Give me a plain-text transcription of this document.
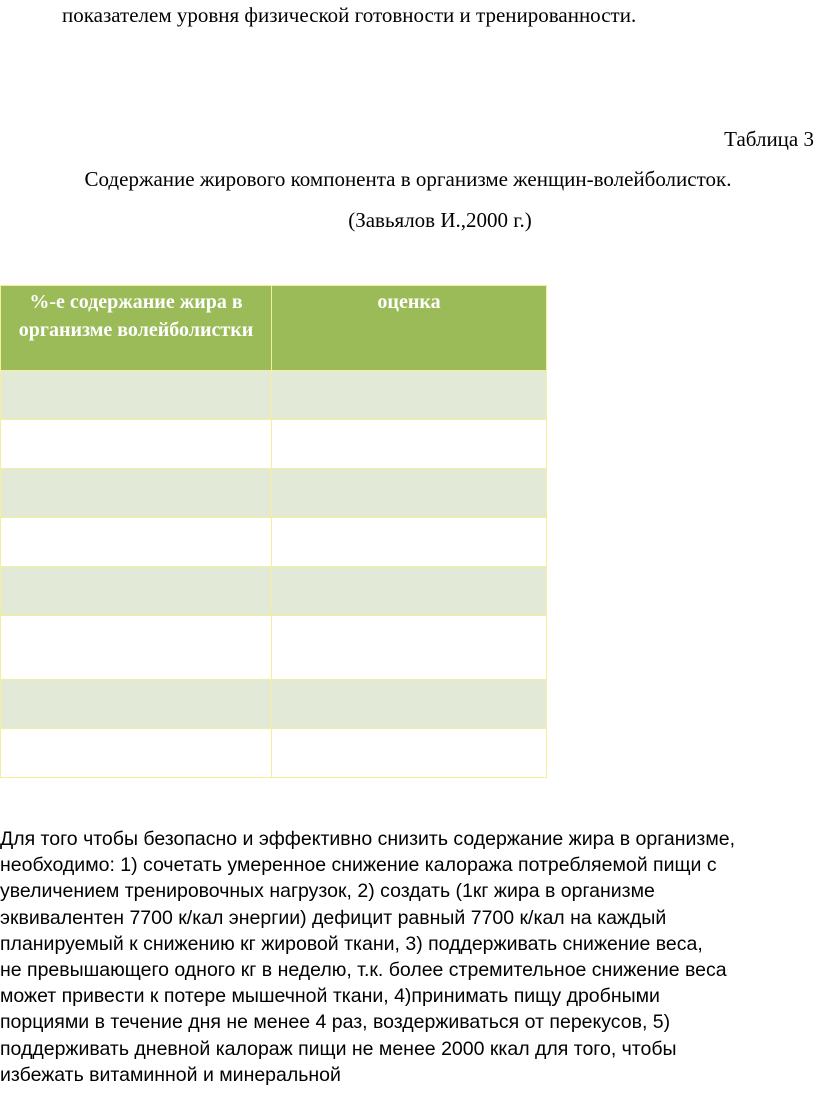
показателем уровня физической готовности и тренированности.
Таблица 3
Содержание жирового компонента в организме женщин-волейболисток.
(Завьялов И.,2000 г.)
%-е содержание жира в организме волейболистки	оценка

Для того чтобы безопасно и эффективно снизить содержание жира в организме,
необходимо: 1) сочетать умеренное снижение калоража потребляемой пищи с
увеличением тренировочных нагрузок, 2) создать (1кг жира в организме
эквивалентен 7700 к/кал энергии) дефицит равный 7700 к/кал на каждый
планируемый к снижению кг жировой ткани, 3) поддерживать снижение веса,
не превышающего одного кг в неделю, т.к. более стремительное снижение веса
может привести к потере мышечной ткани, 4)принимать пищу дробными
порциями в течение дня не менее 4 раз, воздерживаться от перекусов, 5)
поддерживать дневной калораж пищи не менее 2000 ккал для того, чтобы
избежать витаминной и минеральной
